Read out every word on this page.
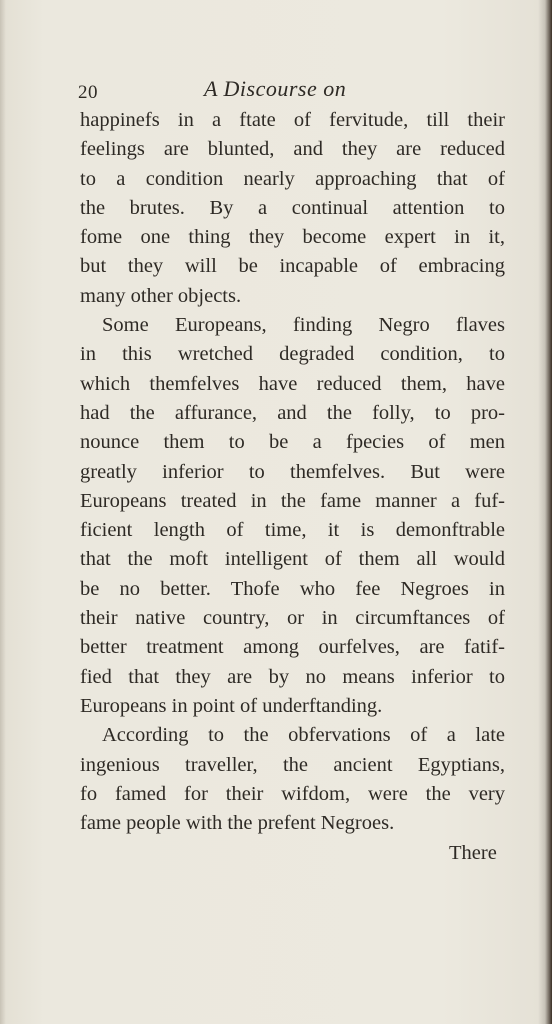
20	A Discourse on
happinefs in a ftate of fervitude, till their
feelings are blunted, and they are reduced
to a condition nearly approaching that of
the brutes. By a continual attention to
fome one thing they become expert in it,
but they will be incapable of embracing
many other objects.
Some Europeans, finding Negro flaves
in this wretched degraded condition, to
which themfelves have reduced them, have
had the affurance, and the folly, to pro-
nounce them to be a fpecies of men
greatly inferior to themfelves. But were
Europeans treated in the fame manner a fuf-
ficient length of time, it is demonftrable
that the moft intelligent of them all would
be no better. Thofe who fee Negroes in
their native country, or in circumftances of
better treatment among ourfelves, are fatif-
fied that they are by no means inferior to
Europeans in point of underftanding.
According to the obfervations of a late
ingenious traveller, the ancient Egyptians,
fo famed for their wifdom, were the very
fame people with the prefent Negroes.
There
